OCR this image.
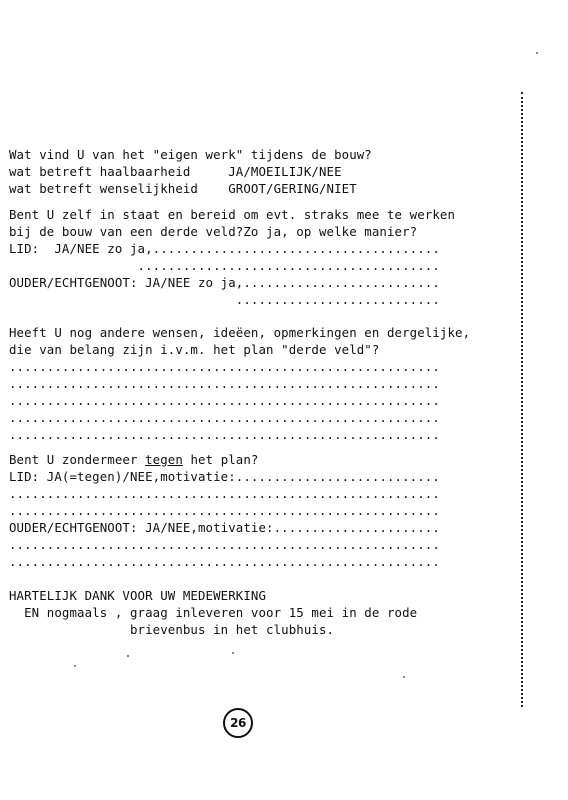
Wat vind U van het "eigen werk" tijdens de bouw?
wat betreft haalbaarheid     JA/MOEILIJK/NEE
wat betreft wenselijkheid    GROOT/GERING/NIET
Bent U zelf in staat en bereid om evt. straks mee te werken
bij de bouw van een derde veld?Zo ja, op welke manier?
LID:  JA/NEE zo ja,......................................
........................................
OUDER/ECHTGENOOT: JA/NEE zo ja,..........................
...........................
Heeft U nog andere wensen, ideëen, opmerkingen en dergelijke,
die van belang zijn i.v.m. het plan "derde veld"?
.........................................................
.........................................................
.........................................................
.........................................................
.........................................................
Bent U zondermeer tegen het plan?
LID: JA(=tegen)/NEE,motivatie:...........................
.........................................................
.........................................................
OUDER/ECHTGENOOT: JA/NEE,motivatie:......................
.........................................................
.........................................................
HARTELIJK DANK VOOR UW MEDEWERKING
EN nogmaals , graag inleveren voor 15 mei in de rode
brievenbus in het clubhuis.
26
